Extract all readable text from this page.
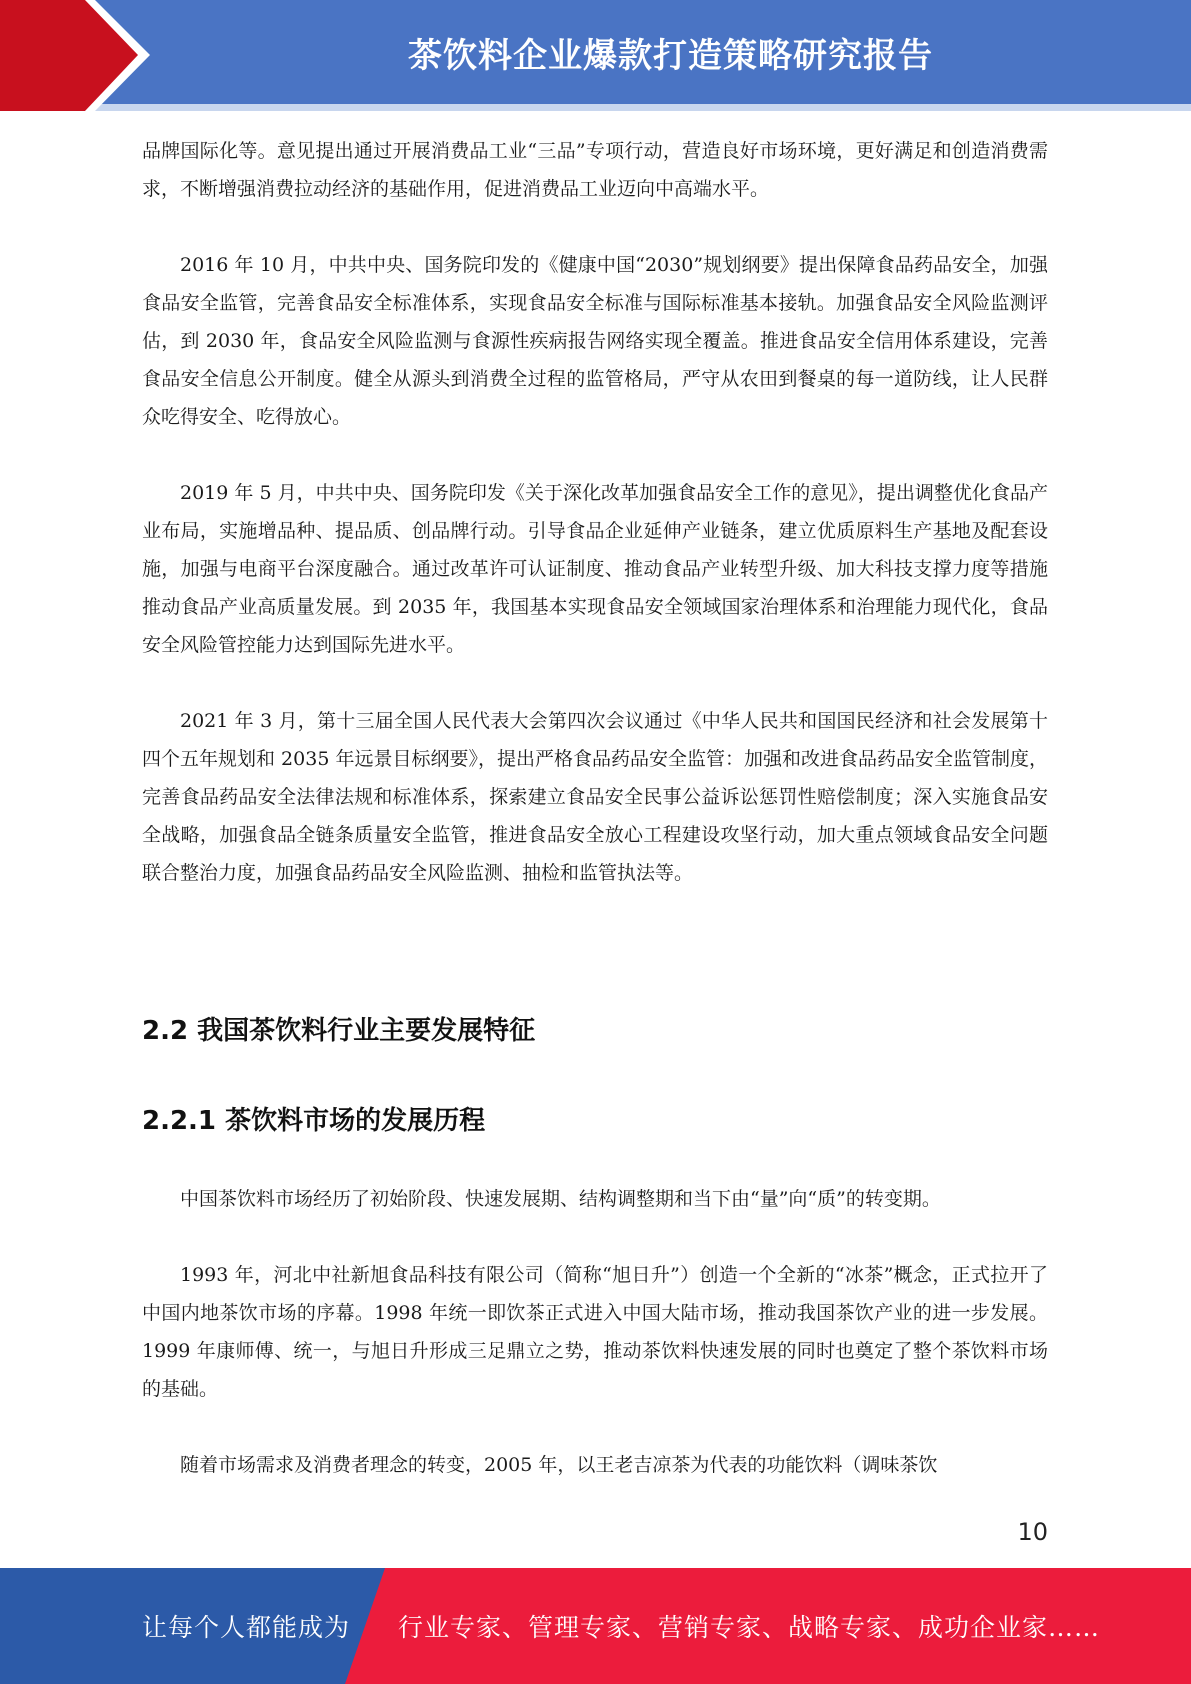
茶饮料企业爆款打造策略研究报告

品牌国际化等。意见提出通过开展消费品工业“三品”专项行动，营造良好市场环境，更好满足和创造消费需求，不断增强消费拉动经济的基础作用，促进消费品工业迈向中高端水平。

2016 年 10 月，中共中央、国务院印发的《健康中国“2030”规划纲要》提出保障食品药品安全，加强食品安全监管，完善食品安全标准体系，实现食品安全标准与国际标准基本接轨。加强食品安全风险监测评估，到 2030 年，食品安全风险监测与食源性疾病报告网络实现全覆盖。推进食品安全信用体系建设，完善食品安全信息公开制度。健全从源头到消费全过程的监管格局，严守从农田到餐桌的每一道防线，让人民群众吃得安全、吃得放心。

2019 年 5 月，中共中央、国务院印发《关于深化改革加强食品安全工作的意见》，提出调整优化食品产业布局，实施增品种、提品质、创品牌行动。引导食品企业延伸产业链条，建立优质原料生产基地及配套设施，加强与电商平台深度融合。通过改革许可认证制度、推动食品产业转型升级、加大科技支撑力度等措施推动食品产业高质量发展。到 2035 年，我国基本实现食品安全领域国家治理体系和治理能力现代化，食品安全风险管控能力达到国际先进水平。

2021 年 3 月，第十三届全国人民代表大会第四次会议通过《中华人民共和国国民经济和社会发展第十四个五年规划和 2035 年远景目标纲要》，提出严格食品药品安全监管：加强和改进食品药品安全监管制度，完善食品药品安全法律法规和标准体系，探索建立食品安全民事公益诉讼惩罚性赔偿制度；深入实施食品安全战略，加强食品全链条质量安全监管，推进食品安全放心工程建设攻坚行动，加大重点领域食品安全问题联合整治力度，加强食品药品安全风险监测、抽检和监管执法等。

2.2 我国茶饮料行业主要发展特征
2.2.1 茶饮料市场的发展历程

中国茶饮料市场经历了初始阶段、快速发展期、结构调整期和当下由“量”向“质”的转变期。

1993 年，河北中社新旭食品科技有限公司（简称“旭日升”）创造一个全新的“冰茶”概念，正式拉开了中国内地茶饮市场的序幕。1998 年统一即饮茶正式进入中国大陆市场，推动我国茶饮产业的进一步发展。1999 年康师傅、统一，与旭日升形成三足鼎立之势，推动茶饮料快速发展的同时也奠定了整个茶饮料市场的基础。

随着市场需求及消费者理念的转变，2005 年，以王老吉凉茶为代表的功能饮料（调味茶饮

10
让每个人都能成为 行业专家、管理专家、营销专家、战略专家、成功企业家……
